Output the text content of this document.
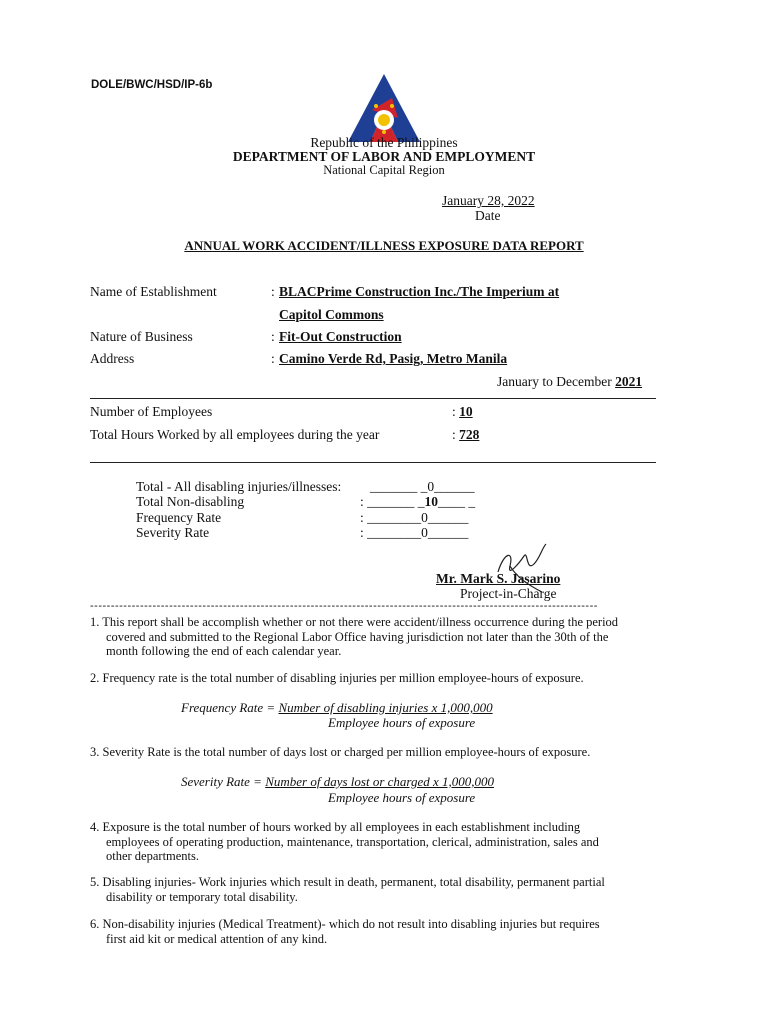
DOLE/BWC/HSD/IP-6b
Republic of the Philippines
DEPARTMENT OF LABOR AND EMPLOYMENT
National Capital Region
January 28, 2022
Date
ANNUAL WORK ACCIDENT/ILLNESS EXPOSURE DATA REPORT
Name of Establishment	: BLACPrime Construction Inc./The Imperium at
Capitol Commons
Nature of Business	: Fit-Out Construction
Address	: Camino Verde Rd, Pasig, Metro Manila
January to December 2021
Number of Employees	: 10
Total Hours Worked by all employees during the year	: 728
Total - All disabling injuries/illnesses: _______ _0______
Total Non-disabling	: _______ _10____ _
Frequency Rate	: ________0______
Severity Rate	: ________0______
Mr. Mark S. Jasarino
Project-in-Charge
--------------------------------------------------------------------------------------------------------------------------
1. This report shall be accomplish whether or not there were accident/illness occurrence during the period
covered and submitted to the Regional Labor Office having jurisdiction not later than the 30th of the
month following the end of each calendar year.
2. Frequency rate is the total number of disabling injuries per million employee-hours of exposure.
Frequency Rate = Number of disabling injuries x 1,000,000
Employee hours of exposure
3. Severity Rate is the total number of days lost or charged per million employee-hours of exposure.
Severity Rate = Number of days lost or charged x 1,000,000
Employee hours of exposure
4. Exposure is the total number of hours worked by all employees in each establishment including
employees of operating production, maintenance, transportation, clerical, administration, sales and
other departments.
5. Disabling injuries- Work injuries which result in death, permanent, total disability, permanent partial
disability or temporary total disability.
6. Non-disability injuries (Medical Treatment)- which do not result into disabling injuries but requires
first aid kit or medical attention of any kind.
